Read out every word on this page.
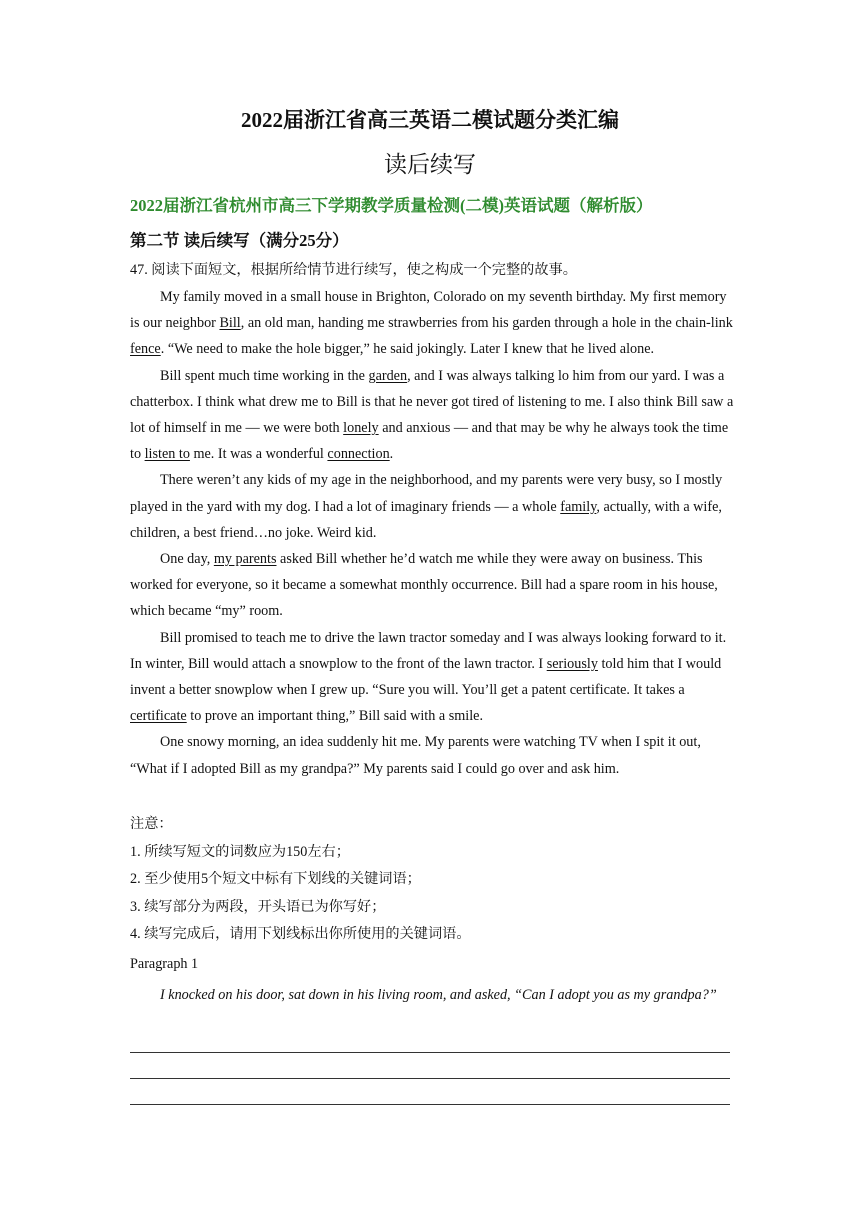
2022届浙江省高三英语二模试题分类汇编
读后续写
2022届浙江省杭州市高三下学期教学质量检测(二模)英语试题（解析版）
第二节 读后续写（满分25分）
47. 阅读下面短文，根据所给情节进行续写，使之构成一个完整的故事。

My family moved in a small house in Brighton, Colorado on my seventh birthday. My first memory is our neighbor Bill, an old man, handing me strawberries from his garden through a hole in the chain-link fence. “We need to make the hole bigger,” he said jokingly. Later I knew that he lived alone.

Bill spent much time working in the garden, and I was always talking lo him from our yard. I was a chatterbox. I think what drew me to Bill is that he never got tired of listening to me. I also think Bill saw a lot of himself in me — we were both lonely and anxious — and that may be why he always took the time to listen to me. It was a wonderful connection.

There weren’t any kids of my age in the neighborhood, and my parents were very busy, so I mostly played in the yard with my dog. I had a lot of imaginary friends — a whole family, actually, with a wife, children, a best friend…no joke. Weird kid.

One day, my parents asked Bill whether he’d watch me while they were away on business. This worked for everyone, so it became a somewhat monthly occurrence. Bill had a spare room in his house, which became “my” room.

Bill promised to teach me to drive the lawn tractor someday and I was always looking forward to it. In winter, Bill would attach a snowplow to the front of the lawn tractor. I seriously told him that I would invent a better snowplow when I grew up. “Sure you will. You’ll get a patent certificate. It takes a certificate to prove an important thing,” Bill said with a smile.

One snowy morning, an idea suddenly hit me. My parents were watching TV when I spit it out, “What if I adopted Bill as my grandpa?” My parents said I could go over and ask him.

注意：
1. 所续写短文的词数应为150左右；
2. 至少使用5个短文中标有下划线的关键词语；
3. 续写部分为两段，开头语已为你写好；
4. 续写完成后，请用下划线标出你所使用的关键词语。
Paragraph 1
I knocked on his door, sat down in his living room, and asked, “Can I adopt you as my grandpa?”
